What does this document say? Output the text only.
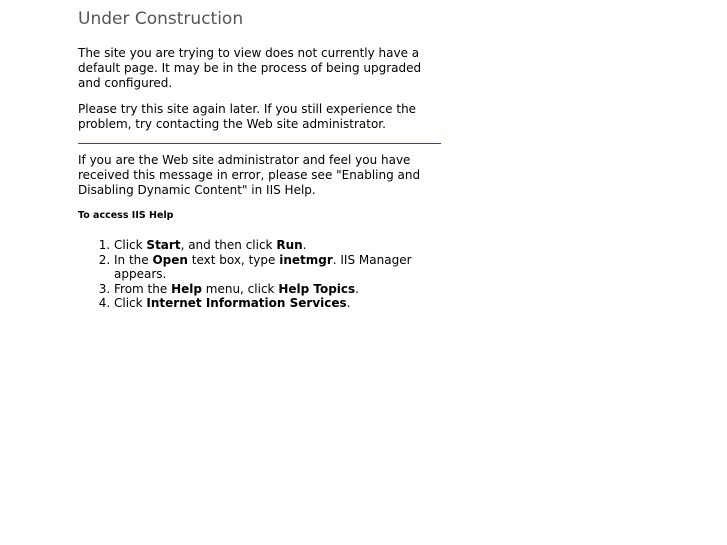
Under Construction

The site you are trying to view does not currently have a default page. It may be in the process of being upgraded and configured.

Please try this site again later. If you still experience the problem, try contacting the Web site administrator.

If you are the Web site administrator and feel you have received this message in error, please see "Enabling and Disabling Dynamic Content" in IIS Help.

To access IIS Help
1. Click Start, and then click Run.
2. In the Open text box, type inetmgr. IIS Manager appears.
3. From the Help menu, click Help Topics.
4. Click Internet Information Services.
